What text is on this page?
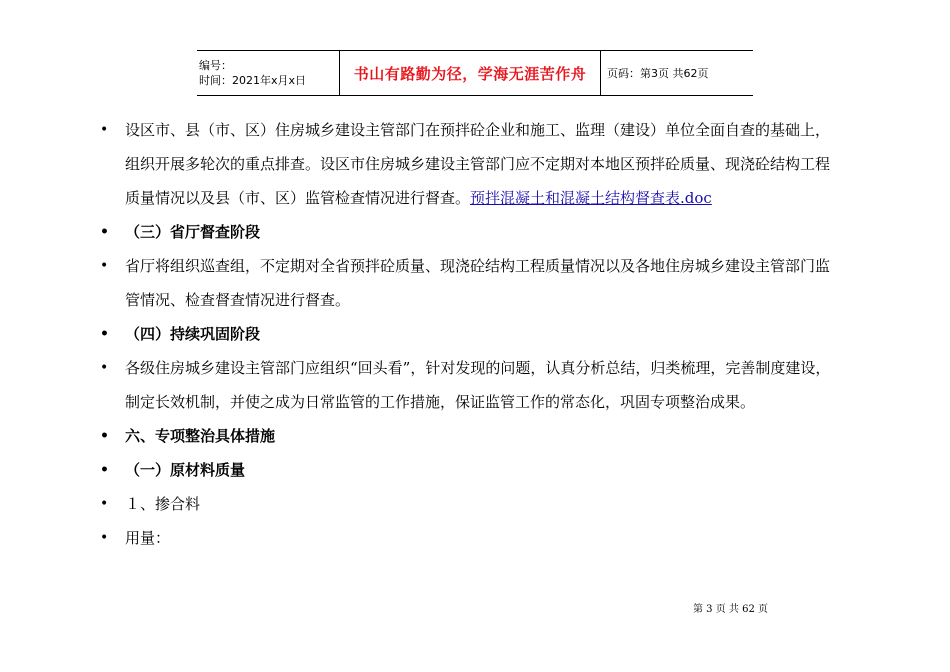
编号：
时间：2021年x月x日	书山有路勤为径，学海无涯苦作舟 页码：第3页 共62页
• 设区市、县（市、区）住房城乡建设主管部门在预拌砼企业和施工、监理（建设）单位全面自查的基础上，
组织开展多轮次的重点排查。设区市住房城乡建设主管部门应不定期对本地区预拌砼质量、现浇砼结构工程
质量情况以及县（市、区）监管检查情况进行督查。预拌混凝土和混凝土结构督查表.doc
• （三）省厅督查阶段
• 省厅将组织巡查组，不定期对全省预拌砼质量、现浇砼结构工程质量情况以及各地住房城乡建设主管部门监
管情况、检查督查情况进行督查。
• （四）持续巩固阶段
• 各级住房城乡建设主管部门应组织“回头看”，针对发现的问题，认真分析总结，归类梳理，完善制度建设，
制定长效机制，并使之成为日常监管的工作措施，保证监管工作的常态化，巩固专项整治成果。
• 六、专项整治具体措施
• （一）原材料质量
• １、掺合料
• 用量：
第 3 页 共 62 页
